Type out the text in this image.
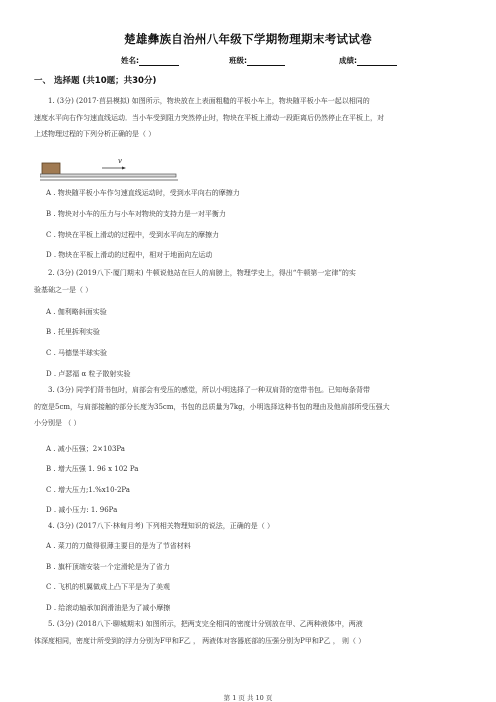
楚雄彝族自治州八年级下学期物理期末考试试卷
姓名:	班级:	成绩:
一、 选择题 (共10题；共30分)
1. (3分) (2017·莒县模拟) 如图所示，物块放在上表面粗糙的平板小车上，物块随平板小车一起以相同的
速度水平向右作匀速直线运动．当小车受到阻力突然停止时，物块在平板上滑动一段距离后仍然停止在平板上，对
上述物理过程的下列分析正确的是（ ）
v
A . 物块随平板小车作匀速直线运动时，受到水平向右的摩擦力
B . 物块对小车的压力与小车对物块的支持力是一对平衡力
C . 物块在平板上滑动的过程中，受到水平向左的摩擦力
D . 物块在平板上滑动的过程中，相对于地面向左运动
2. (3分) (2019八下·厦门期末) 牛顿说他站在巨人的肩膀上，物理学史上，得出“牛顿第一定律”的实
验基础之一是（ ）
A . 伽利略斜面实验
B . 托里拆利实验
C . 马德堡半球实验
D . 卢瑟福 α 粒子散射实验
3. (3分) 同学们背书包时，肩部会有受压的感觉，所以小明选择了一种双肩背的宽带书包。已知每条背带
的宽是5cm，与肩部接触的部分长度为35cm，书包的总质量为7kg，小明选择这种书包的理由及他肩部所受压强大
小分别是 （ ）
A . 减小压强；2×103Pa
B . 增大压强 1. 96 x 102 Pa
C . 增大压力;1.%x10-2Pa
D . 减小压力: 1. 96Pa
4. (3分) (2017八下·林甸月考) 下列相关物理知识的说法，正确的是（ ）
A . 菜刀的刀做得很薄主要目的是为了节省材料
B . 旗杆顶端安装一个定滑轮是为了省力
C . 飞机的机翼做成上凸下平是为了美观
D . 给滚动轴承加润滑油是为了减小摩擦
5. (3分) (2018八下·聊城期末) 如图所示，把两支完全相同的密度计分别放在甲、乙两种液体中，两液
体深度相同，密度计所受到的浮力分别为F甲和F乙 ， 两液体对容器底部的压强分别为P甲和P乙 ， 则（ ）
第 1 页 共 10 页
